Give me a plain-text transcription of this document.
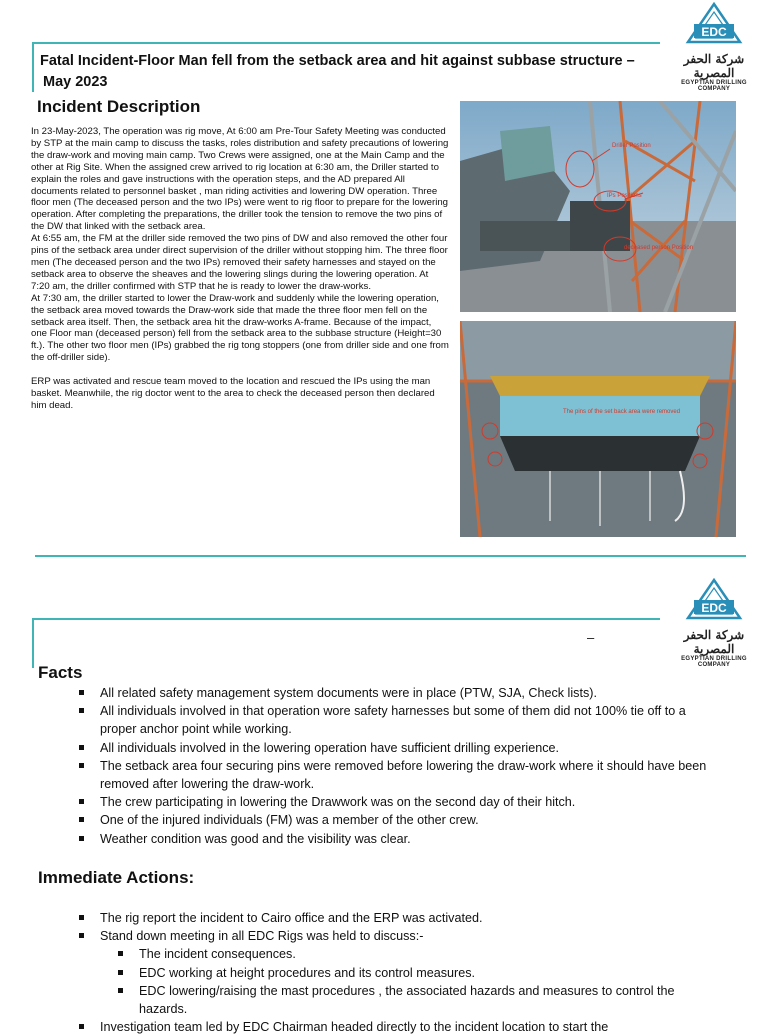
EDC
شركة الحفر المصرية
EGYPTIAN DRILLING COMPANY
Fatal Incident-Floor Man fell from the setback area and hit against subbase structure –
May 2023
Incident Description

In 23-May-2023, The operation was rig move, At 6:00 am Pre-Tour Safety Meeting was conducted by STP at the main camp to discuss the tasks, roles distribution and safety precautions of lowering the draw-work and moving main camp. Two Crews were assigned, one at the Main Camp and the other at Rig Site. When the assigned crew arrived to rig location at 6:30 am, the Driller started to explain the roles and gave instructions with the operation steps, and the AD prepared All documents related to personnel basket , man riding activities and lowering DW operation. Three floor men (The deceased person and the two IPs) were went to rig floor to prepare for the lowering operation. After completing the preparations, the driller took the tension to remove the two pins of the DW that linked with the setback area.

At 6:55 am, the FM at the driller side removed the two pins of DW and also removed the other four pins of the setback area under direct supervision of the driller without stopping him. The three floor men (The deceased person and the two IPs) removed their safety harnesses and stayed on the setback area to observe the sheaves and the lowering slings during the lowering operation. At 7:20 am, the driller confirmed with STP that he is ready to lower the draw-works.

At 7:30 am, the driller started to lower the Draw-work and suddenly while the lowering operation, the setback area moved towards the Draw-work side that made the three floor men fell on the setback area itself. Then, the setback area hit the draw-works A-frame. Because of the impact, one Floor man (deceased person) fell from the setback area to the subbase structure (Height=30 ft.). The other two floor men (IPs) grabbed the rig tong stoppers (one from driller side and one from the off-driller side).

ERP was activated and rescue team moved to the location and rescued the IPs using the man basket. Meanwhile, the rig doctor went to the area to check the deceased person then declared him dead.

Driller Position
IPs Positions
deceased person Position
The pins of the set back area were removed
EDC
شركة الحفر المصرية
EGYPTIAN DRILLING COMPANY
–
Facts
All related safety management system documents were in place (PTW, SJA, Check lists).
All individuals involved in that operation wore safety harnesses but some of them did not 100% tie off to a proper anchor point while working.
All individuals involved in the lowering operation have sufficient drilling experience.
The setback area four securing pins were removed before lowering the draw-work where it should have been removed after lowering the draw-work.
The crew participating in lowering the Drawwork was on the second day of their hitch.
One of the injured individuals (FM) was a member of the other crew.
Weather condition was good and the visibility was clear.
Immediate Actions:
The rig report the incident to Cairo office and the ERP was activated.
Stand down meeting in all EDC Rigs was held to discuss:-
The incident consequences.
EDC working at height procedures and its control measures.
EDC lowering/raising the mast procedures , the associated hazards and measures to control the hazards.
Investigation team led by EDC Chairman headed directly to the incident location to start the
